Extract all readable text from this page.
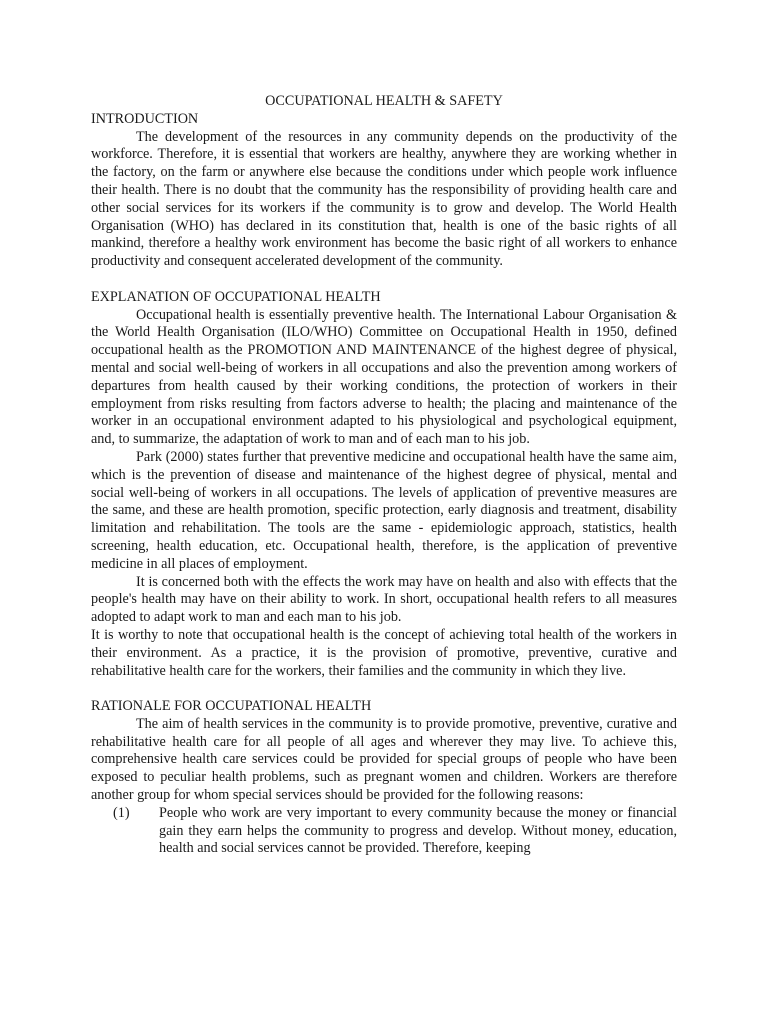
OCCUPATIONAL HEALTH & SAFETY

INTRODUCTION

The development of the resources in any community depends on the productivity of the workforce. Therefore, it is essential that workers are healthy, anywhere they are working whether in the factory, on the farm or anywhere else because the conditions under which people work influence their health. There is no doubt that the community has the responsibility of providing health care and other social services for its workers if the community is to grow and develop. The World Health Organisation (WHO) has declared in its constitution that, health is one of the basic rights of all mankind, therefore a healthy work environment has become the basic right of all workers to enhance productivity and consequent accelerated development of the community.

EXPLANATION OF OCCUPATIONAL HEALTH

Occupational health is essentially preventive health. The International Labour Organisation & the World Health Organisation (ILO/WHO) Committee on Occupational Health in 1950, defined occupational health as the PROMOTION AND MAINTENANCE of the highest degree of physical, mental and social well-being of workers in all occupations and also the prevention among workers of departures from health caused by their working conditions, the protection of workers in their employment from risks resulting from factors adverse to health; the placing and maintenance of the worker in an occupational environment adapted to his physiological and psychological equipment, and, to summarize, the adaptation of work to man and of each man to his job.

Park (2000) states further that preventive medicine and occupational health have the same aim, which is the prevention of disease and maintenance of the highest degree of physical, mental and social well-being of workers in all occupations. The levels of application of preventive measures are the same, and these are health promotion, specific protection, early diagnosis and treatment, disability limitation and rehabilitation. The tools are the same - epidemiologic approach, statistics, health screening, health education, etc. Occupational health, therefore, is the application of preventive medicine in all places of employment.

It is concerned both with the effects the work may have on health and also with effects that the people's health may have on their ability to work. In short, occupational health refers to all measures adopted to adapt work to man and each man to his job.

It is worthy to note that occupational health is the concept of achieving total health of the workers in their environment. As a practice, it is the provision of promotive, preventive, curative and rehabilitative health care for the workers, their families and the community in which they live.

RATIONALE FOR OCCUPATIONAL HEALTH

The aim of health services in the community is to provide promotive, preventive, curative and rehabilitative health care for all people of all ages and wherever they may live. To achieve this, comprehensive health care services could be provided for special groups of people who have been exposed to peculiar health problems, such as pregnant women and children. Workers are therefore another group for whom special services should be provided for the following reasons:

(1) People who work are very important to every community because the money or financial gain they earn helps the community to progress and develop. Without money, education, health and social services cannot be provided. Therefore, keeping
